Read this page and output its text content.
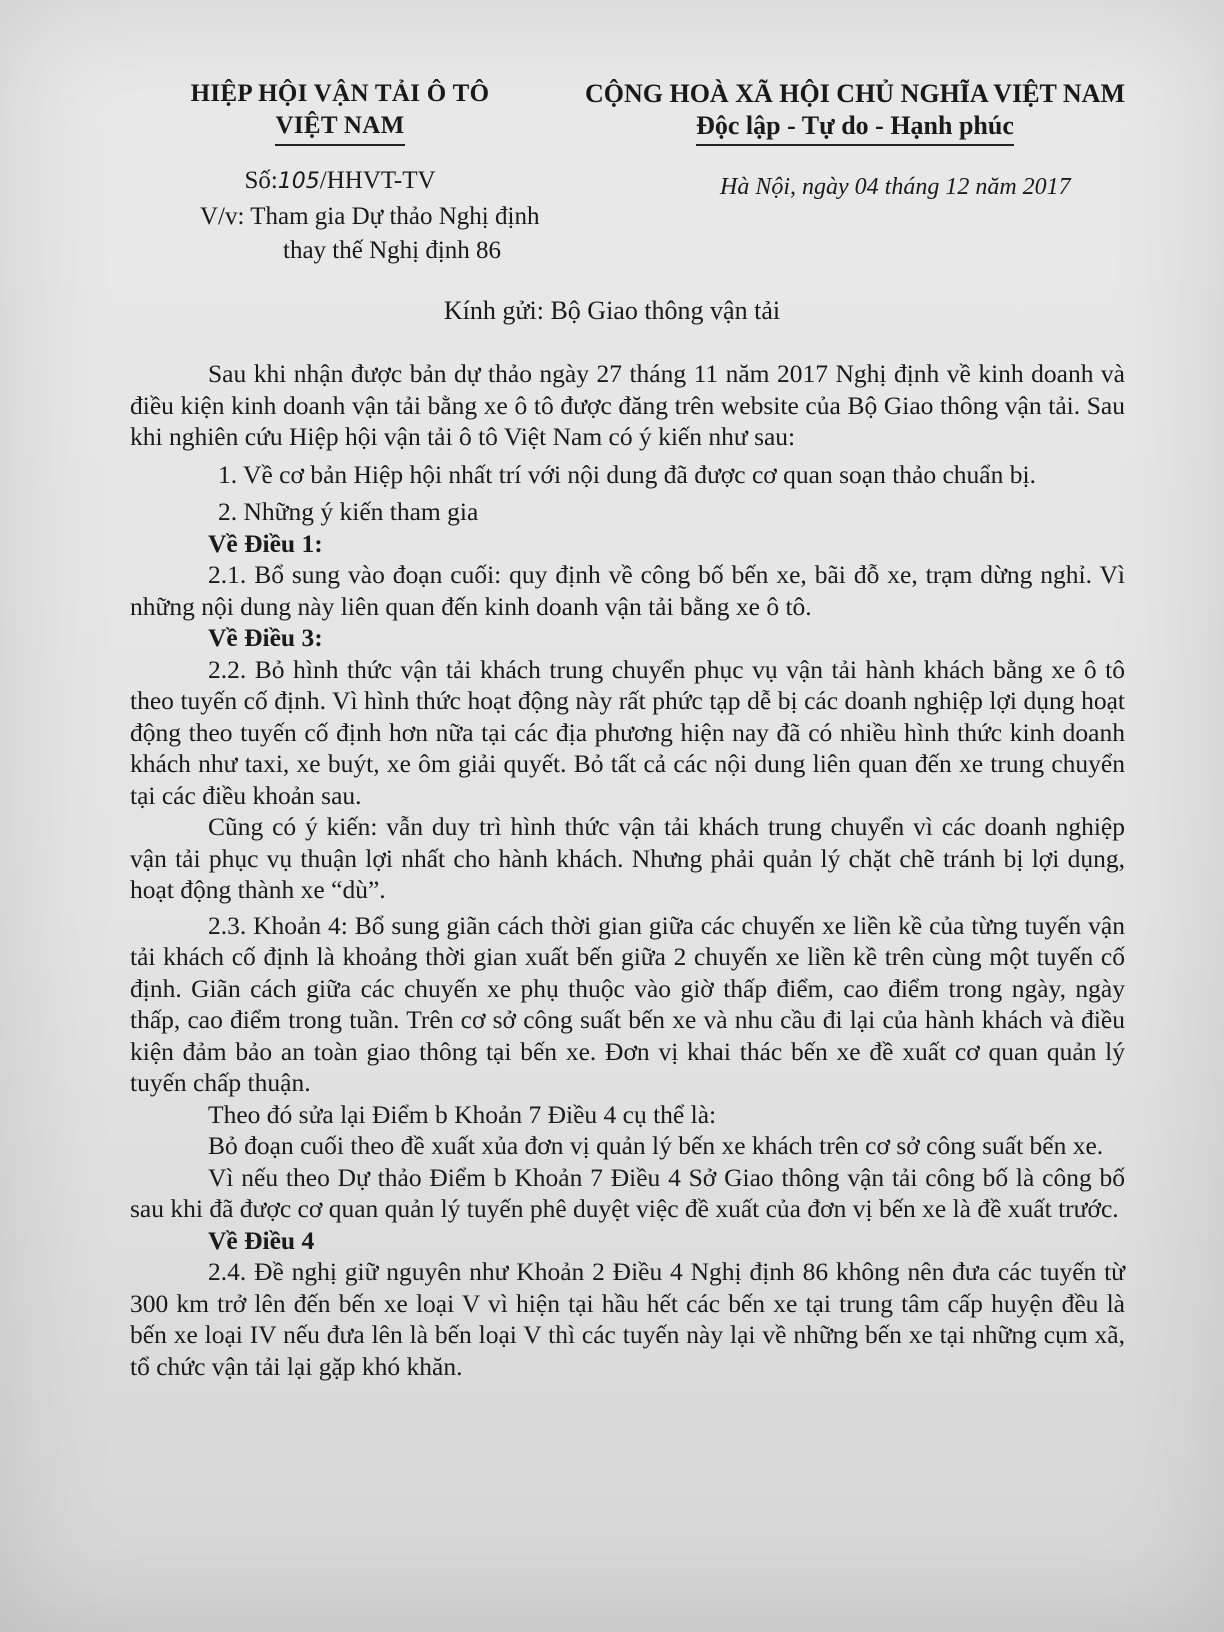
HIỆP HỘI VẬN TẢI Ô TÔ
VIỆT NAM
Số:105/HHVT-TV
V/v: Tham gia Dự thảo Nghị định
thay thế Nghị định 86
CỘNG HOÀ XÃ HỘI CHỦ NGHĨA VIỆT NAM
Độc lập - Tự do - Hạnh phúc
Hà Nội, ngày 04 tháng 12 năm 2017
Kính gửi: Bộ Giao thông vận tải

Sau khi nhận được bản dự thảo ngày 27 tháng 11 năm 2017 Nghị định về kinh doanh và điều kiện kinh doanh vận tải bằng xe ô tô được đăng trên website của Bộ Giao thông vận tải. Sau khi nghiên cứu Hiệp hội vận tải ô tô Việt Nam có ý kiến như sau:

1. Về cơ bản Hiệp hội nhất trí với nội dung đã được cơ quan soạn thảo chuẩn bị.

2. Những ý kiến tham gia

Về Điều 1:

2.1. Bổ sung vào đoạn cuối: quy định về công bố bến xe, bãi đỗ xe, trạm dừng nghỉ. Vì những nội dung này liên quan đến kinh doanh vận tải bằng xe ô tô.

Về Điều 3:

2.2. Bỏ hình thức vận tải khách trung chuyển phục vụ vận tải hành khách bằng xe ô tô theo tuyến cố định. Vì hình thức hoạt động này rất phức tạp dễ bị các doanh nghiệp lợi dụng hoạt động theo tuyến cố định hơn nữa tại các địa phương hiện nay đã có nhiều hình thức kinh doanh khách như taxi, xe buýt, xe ôm giải quyết. Bỏ tất cả các nội dung liên quan đến xe trung chuyển tại các điều khoản sau.

Cũng có ý kiến: vẫn duy trì hình thức vận tải khách trung chuyển vì các doanh nghiệp vận tải phục vụ thuận lợi nhất cho hành khách. Nhưng phải quản lý chặt chẽ tránh bị lợi dụng, hoạt động thành xe “dù”.

2.3. Khoản 4: Bổ sung giãn cách thời gian giữa các chuyến xe liền kề của từng tuyến vận tải khách cố định là khoảng thời gian xuất bến giữa 2 chuyến xe liền kề trên cùng một tuyến cố định. Giãn cách giữa các chuyến xe phụ thuộc vào giờ thấp điểm, cao điểm trong ngày, ngày thấp, cao điểm trong tuần. Trên cơ sở công suất bến xe và nhu cầu đi lại của hành khách và điều kiện đảm bảo an toàn giao thông tại bến xe. Đơn vị khai thác bến xe đề xuất cơ quan quản lý tuyến chấp thuận.

Theo đó sửa lại Điểm b Khoản 7 Điều 4 cụ thể là:

Bỏ đoạn cuối theo đề xuất xủa đơn vị quản lý bến xe khách trên cơ sở công suất bến xe.

Vì nếu theo Dự thảo Điểm b Khoản 7 Điều 4 Sở Giao thông vận tải công bố là công bố sau khi đã được cơ quan quản lý tuyến phê duyệt việc đề xuất của đơn vị bến xe là đề xuất trước.

Về Điều 4

2.4. Đề nghị giữ nguyên như Khoản 2 Điều 4 Nghị định 86 không nên đưa các tuyến từ 300 km trở lên đến bến xe loại V vì hiện tại hầu hết các bến xe tại trung tâm cấp huyện đều là bến xe loại IV nếu đưa lên là bến loại V thì các tuyến này lại về những bến xe tại những cụm xã, tổ chức vận tải lại gặp khó khăn.
